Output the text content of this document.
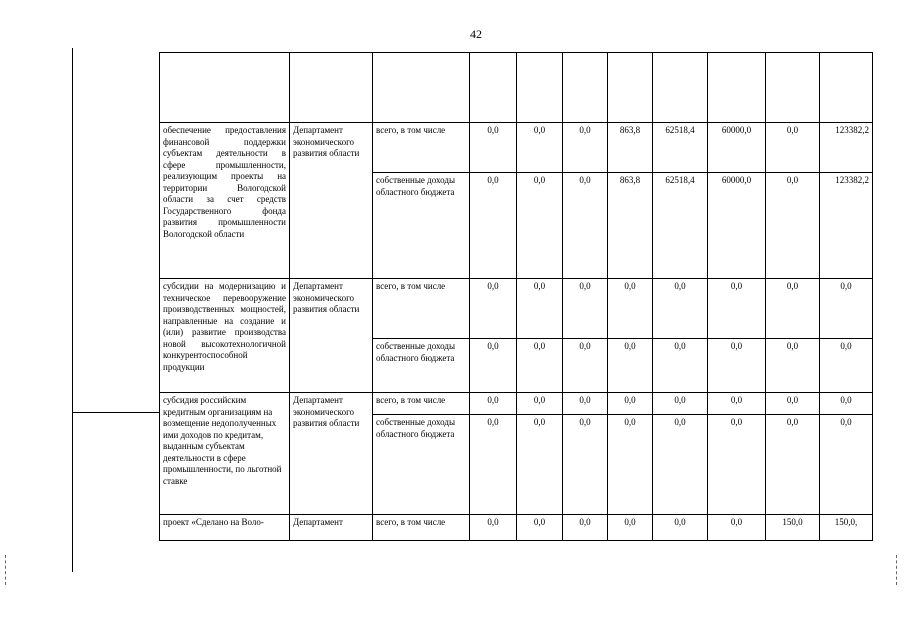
42

обеспечение предоставления финансовой поддержки субъектам деятельности в сфере промышленности, реализующим проекты на территории Вологодской области за счет средств Государственного фонда развития промышленности Вологодской области	Департамент экономического развития области	всего, в том числе	0,0	0,0	0,0	863,8	62518,4	60000,0	0,0	123382,2
		собственные доходы областного бюджета	0,0	0,0	0,0	863,8	62518,4	60000,0	0,0	123382,2
субсидии на модернизацию и техническое перевооружение производственных мощностей, направленные на создание и (или) развитие производства новой высокотехнологичной конкурентоспособной продукции	Департамент экономического развития области	всего, в том числе	0,0	0,0	0,0	0,0	0,0	0,0	0,0	0,0
		собственные доходы областного бюджета	0,0	0,0	0,0	0,0	0,0	0,0	0,0	0,0
субсидия российским кредитным организациям на возмещение недополученных ими доходов по кредитам, выданным субъектам деятельности в сфере промышленности, по льготной ставке	Департамент экономического развития области	всего, в том числе	0,0	0,0	0,0	0,0	0,0	0,0	0,0	0,0
		собственные доходы областного бюджета	0,0	0,0	0,0	0,0	0,0	0,0	0,0	0,0
проект «Сделано на Воло-	Департамент	всего, в том числе	0,0	0,0	0,0	0,0	0,0	0,0	150,0	150,0,
